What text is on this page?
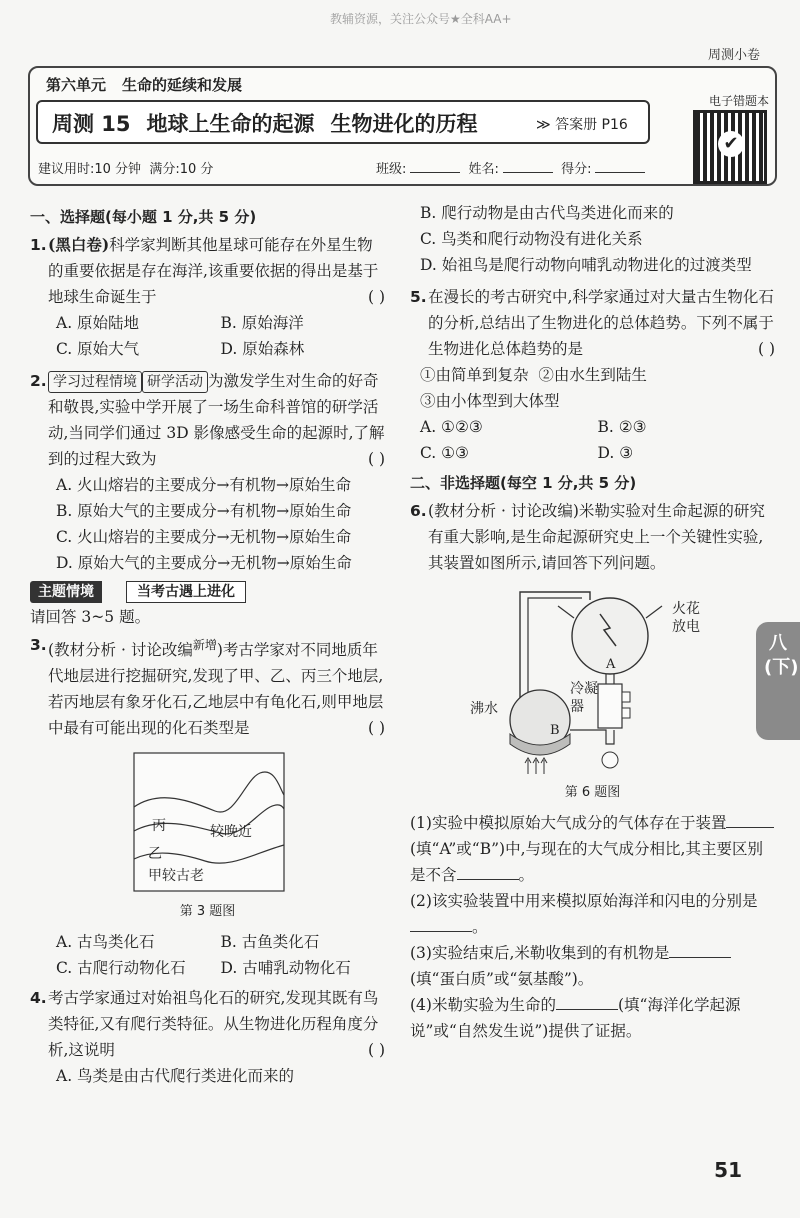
教辅资源，关注公众号★全科AA+
周测小卷
第六单元 生命的延续和发展
周测 15 地球上生命的起源 生物进化的历程	≫ 答案册 P16
电子错题本
✔
建议用时:10 分钟 满分:10 分	班级:	姓名:	得分:
一、选择题(每小题 1 分,共 5 分)
1. (黑白卷)科学家判断其他星球可能存在外星生物的重要依据是存在海洋,该重要依据的得出是基于地球生命诞生于	( )
A. 原始陆地	B. 原始海洋
C. 原始大气	D. 原始森林
2. 学习过程情境 研学活动 为激发学生对生命的好奇和敬畏,实验中学开展了一场生命科普馆的研学活动,当同学们通过 3D 影像感受生命的起源时,了解到的过程大致为	( )
A. 火山熔岩的主要成分→有机物→原始生命
B. 原始大气的主要成分→有机物→原始生命
C. 火山熔岩的主要成分→无机物→原始生命
D. 原始大气的主要成分→无机物→原始生命
主题情境	当考古遇上进化
请回答 3~5 题。
3. (教材分析 · 讨论改编$^{新增}$)考古学家对不同地质年代地层进行挖掘研究,发现了甲、乙、丙三个地层,若丙地层有象牙化石,乙地层中有龟化石,则甲地层中最有可能出现的化石类型是	( )
丙	较晚近
乙
甲较古老
第 3 题图
A. 古鸟类化石	B. 古鱼类化石
C. 古爬行动物化石	D. 古哺乳动物化石
4. 考古学家通过对始祖鸟化石的研究,发现其既有鸟类特征,又有爬行类特征。从生物进化历程角度分析,这说明	( )
A. 鸟类是由古代爬行类进化而来的
B. 爬行动物是由古代鸟类进化而来的
C. 鸟类和爬行动物没有进化关系
D. 始祖鸟是爬行动物向哺乳动物进化的过渡类型
5. 在漫长的考古研究中,科学家通过对大量古生物化石的分析,总结出了生物进化的总体趋势。下列不属于生物进化总体趋势的是	( )
①由简单到复杂 ②由水生到陆生
③由小体型到大体型
A. ①②③	B. ②③
C. ①③	D. ③
二、非选择题(每空 1 分,共 5 分)
6. (教材分析 · 讨论改编)米勒实验对生命起源的研究有重大影响,是生命起源研究史上一个关键性实验,其装置如图所示,请回答下列问题。
火花放电
A
B
沸水
冷凝器
第 6 题图
(1)实验中模拟原始大气成分的气体存在于装置(填“A”或“B”)中,与现在的大气成分相比,其主要区别是不含	。
(2)该实验装置中用来模拟原始海洋和闪电的分别是。
(3)实验结束后,米勒收集到的有机物是(填“蛋白质”或“氨基酸”)。
(4)米勒实验为生命的	(填“海洋化学起源说”或“自然发生说”)提供了证据。
八(下)
51
